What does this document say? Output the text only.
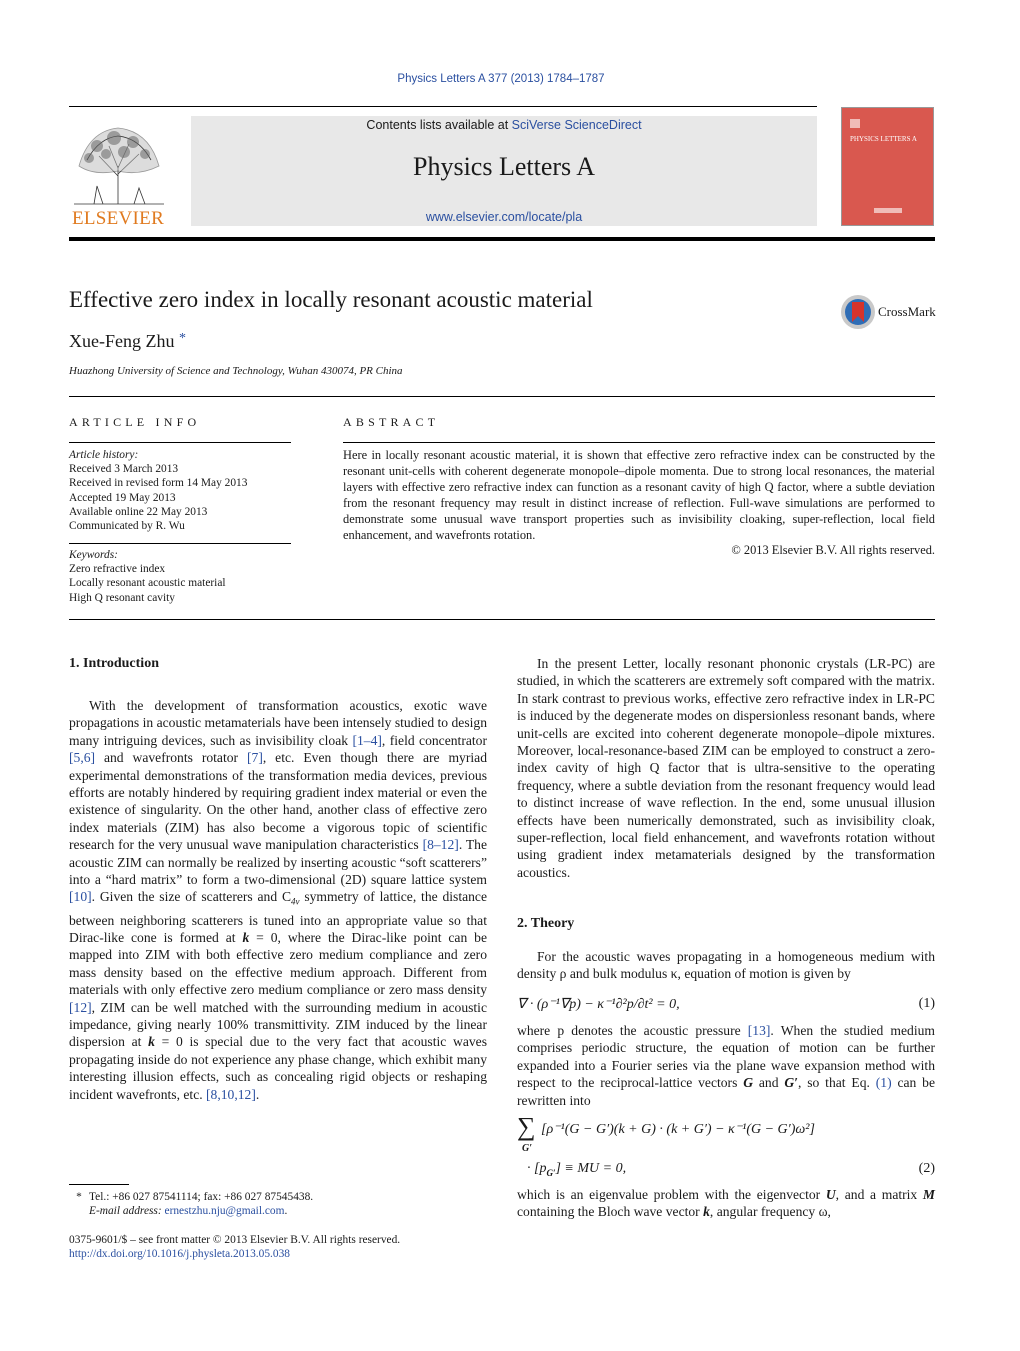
Physics Letters A 377 (2013) 1784–1787
ELSEVIER
Contents lists available at SciVerse ScienceDirect
Physics Letters A
www.elsevier.com/locate/pla
PHYSICS LETTERS A
Effective zero index in locally resonant acoustic material	CrossMark
Xue-Feng Zhu *
Huazhong University of Science and Technology, Wuhan 430074, PR China
ARTICLE INFO
Article history:
Received 3 March 2013
Received in revised form 14 May 2013
Accepted 19 May 2013
Available online 22 May 2013
Communicated by R. Wu
Keywords:
Zero refractive index
Locally resonant acoustic material
High Q resonant cavity
ABSTRACT
Here in locally resonant acoustic material, it is shown that effective zero refractive index can be constructed by the resonant unit-cells with coherent degenerate monopole–dipole momenta. Due to strong local resonances, the material layers with effective zero refractive index can function as a resonant cavity of high Q factor, where a subtle deviation from the resonant frequency may result in distinct increase of reflection. Full-wave simulations are performed to demonstrate some unusual wave transport properties such as invisibility cloaking, super-reflection, local field enhancement, and wavefronts rotation.
© 2013 Elsevier B.V. All rights reserved.
1. Introduction

With the development of transformation acoustics, exotic wave propagations in acoustic metamaterials have been intensely studied to design many intriguing devices, such as invisibility cloak [1–4], field concentrator [5,6] and wavefronts rotator [7], etc. Even though there are myriad experimental demonstrations of the transformation media devices, previous efforts are notably hindered by requiring gradient index material or even the existence of singularity. On the other hand, another class of effective zero index materials (ZIM) has also become a vigorous topic of scientific research for the very unusual wave manipulation characteristics [8–12]. The acoustic ZIM can normally be realized by inserting acoustic “soft scatterers” into a “hard matrix” to form a two-dimensional (2D) square lattice system [10]. Given the size of scatterers and $C_{4v}$ symmetry of lattice, the distance between neighboring scatterers is tuned into an appropriate value so that Dirac-like cone is formed at k = 0, where the Dirac-like point can be mapped into ZIM with both effective zero medium compliance and zero mass density based on the effective medium approach. Different from materials with only effective zero medium compliance or zero mass density [12], ZIM can be well matched with the surrounding medium in acoustic impedance, giving nearly 100% transmittivity. ZIM induced by the linear dispersion at k = 0 is special due to the very fact that acoustic waves propagating inside do not experience any phase change, which exhibit many interesting illusion effects, such as concealing rigid objects or reshaping incident wavefronts, etc. [8,10,12].

* Tel.: +86 027 87541114; fax: +86 027 87545438.
E-mail address: ernestzhu.nju@gmail.com.
0375-9601/$ – see front matter © 2013 Elsevier B.V. All rights reserved.
http://dx.doi.org/10.1016/j.physleta.2013.05.038

In the present Letter, locally resonant phononic crystals (LR-PC) are studied, in which the scatterers are extremely soft compared with the matrix. In stark contrast to previous works, effective zero refractive index in LR-PC is induced by the degenerate modes on dispersionless resonant bands, where unit-cells are excited into coherent degenerate monopole–dipole mixtures. Moreover, local-resonance-based ZIM can be employed to construct a zero-index cavity of high Q factor that is ultra-sensitive to the operating frequency, where a subtle deviation from the resonant frequency would lead to distinct increase of wave reflection. In the end, some unusual illusion effects have been numerically demonstrated, such as invisibility cloak, super-reflection, local field enhancement, and wavefronts rotation without using gradient index metamaterials designed by the transformation acoustics.

2. Theory

For the acoustic waves propagating in a homogeneous medium with density ρ and bulk modulus κ, equation of motion is given by

∇ · (ρ⁻¹∇p) − κ⁻¹∂²p/∂t² = 0,	(1)

where p denotes the acoustic pressure [13]. When the studied medium comprises periodic structure, the equation of motion can be further expanded into a Fourier series via the plane wave expansion method with respect to the reciprocal-lattice vectors G and G′, so that Eq. (1) can be rewritten into

∑
G′
[ρ⁻¹(G − G′)(k + G) · (k + G′) − κ⁻¹(G − G′)ω²]
· $[p_{G'}]$ ≡ MU = 0,	(2)

which is an eigenvalue problem with the eigenvector U, and a matrix M containing the Bloch wave vector k, angular frequency ω,
